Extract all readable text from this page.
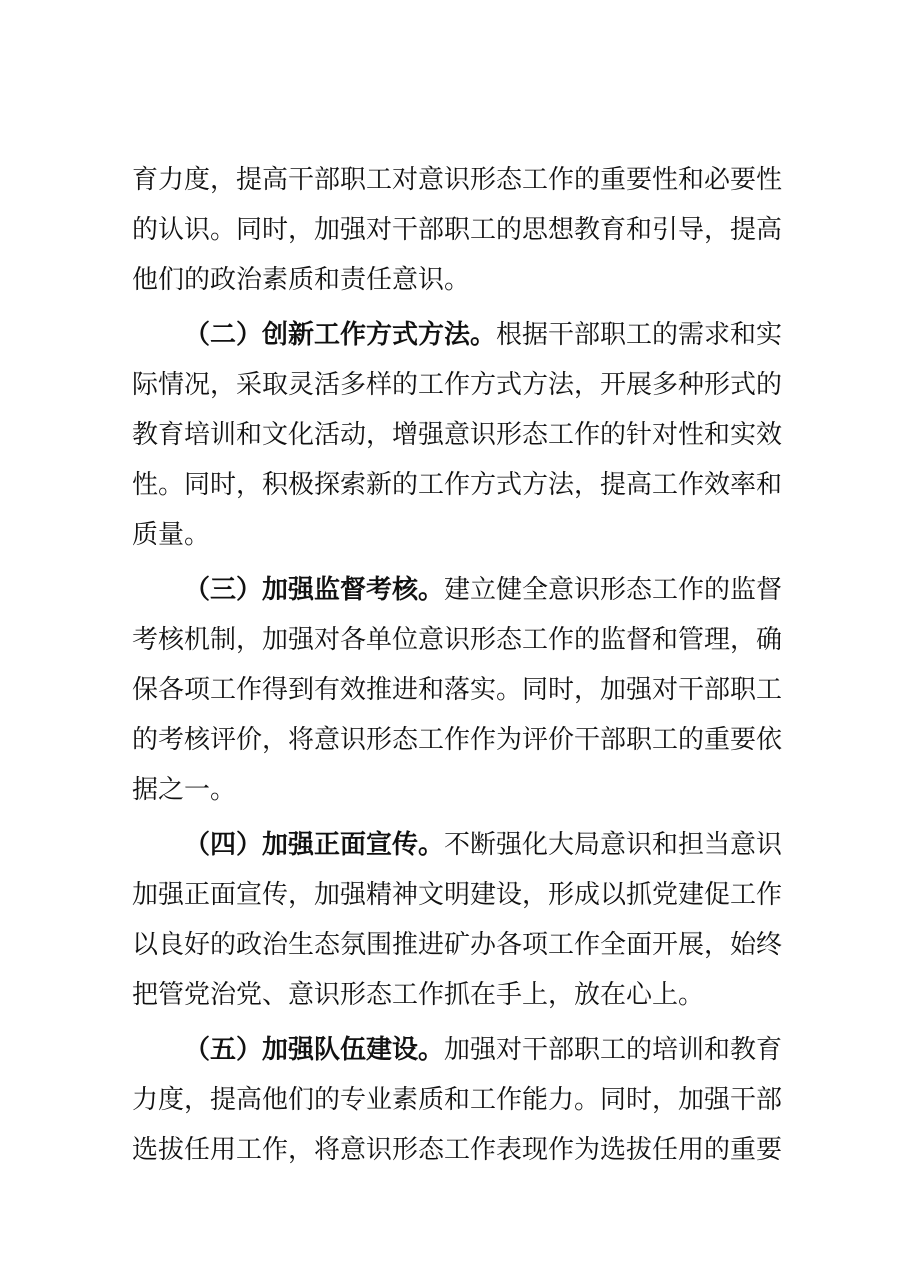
育力度，提高干部职工对意识形态工作的重要性和必要性
的认识。同时，加强对干部职工的思想教育和引导，提高
他们的政治素质和责任意识。
（二）创新工作方式方法。根据干部职工的需求和实
际情况，采取灵活多样的工作方式方法，开展多种形式的
教育培训和文化活动，增强意识形态工作的针对性和实效
性。同时，积极探索新的工作方式方法，提高工作效率和
质量。
（三）加强监督考核。建立健全意识形态工作的监督
考核机制，加强对各单位意识形态工作的监督和管理，确
保各项工作得到有效推进和落实。同时，加强对干部职工
的考核评价，将意识形态工作作为评价干部职工的重要依
据之一。
（四）加强正面宣传。不断强化大局意识和担当意识
加强正面宣传，加强精神文明建设，形成以抓党建促工作
以良好的政治生态氛围推进矿办各项工作全面开展，始终
把管党治党、意识形态工作抓在手上，放在心上。
（五）加强队伍建设。加强对干部职工的培训和教育
力度，提高他们的专业素质和工作能力。同时，加强干部
选拔任用工作，将意识形态工作表现作为选拔任用的重要
